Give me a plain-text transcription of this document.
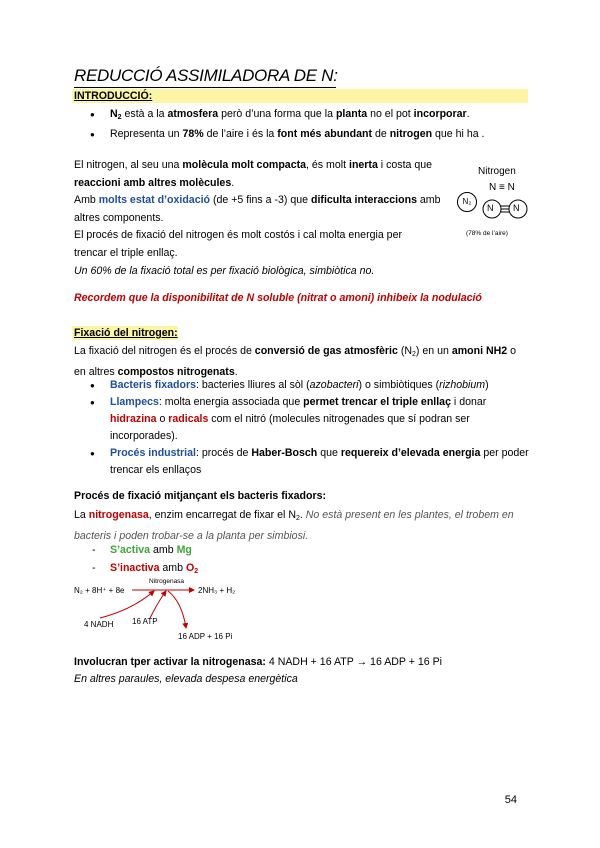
REDUCCIÓ ASSIMILADORA DE N:
INTRODUCCIÓ:
● $N_2$ està a la atmosfera però d’una forma que la planta no el pot incorporar.
● Representa un 78% de l’aire i és la font més abundant de nitrogen que hi ha .
El nitrogen, al seu una molècula molt compacta, és molt inerta i costa que
reaccioni amb altres molècules.
Amb molts estat d’oxidació (de +5 fins a -3) que dificulta interaccions amb
altres components.
El procés de fixació del nitrogen és molt costós i cal molta energia per
trencar el triple enllaç.
Un 60% de la fixació total es per fixació biològica, simbiòtica no.
Nitrogen
N ≡ N
N₂
N N
(78% de l’aire)
Recordem que la disponibilitat de N soluble (nitrat o amoni) inhibeix la nodulació
Fixació del nitrogen:
La fixació del nitrogen és el procés de conversió de gas atmosfèric $(N_2)$ en un amoni NH2 o
en altres compostos nitrogenats.
● Bacteris fixadors: bacteries lliures al sòl (azobacteri) o simbiòtiques (rizhobium)
● Llampecs: molta energia associada que permet trencar el triple enllaç i donar
hidrazina o radicals com el nitró (molecules nitrogenades que sí podran ser
incorporades).
● Procés industrial: procés de Haber-Bosch que requereix d’elevada energia per poder
trencar els enllaços
Procés de fixació mitjançant els bacteris fixadors:
La nitrogenasa, enzim encarregat de fixar el $N_2$. No està present en les plantes, el trobem en
bacteris i poden trobar-se a la planta per simbiosi.
- S’activa amb Mg
- S’inactiva amb $O_2$
N₂ + 8H⁺ + 8e
Nitrogenasa
2NH₃ + H₂
4 NADH 16 ATP
16 ADP + 16 Pi
Involucran tper activar la nitrogenasa: 4 NADH + 16 ATP → 16 ADP + 16 Pi
En altres paraules, elevada despesa energètica
54
